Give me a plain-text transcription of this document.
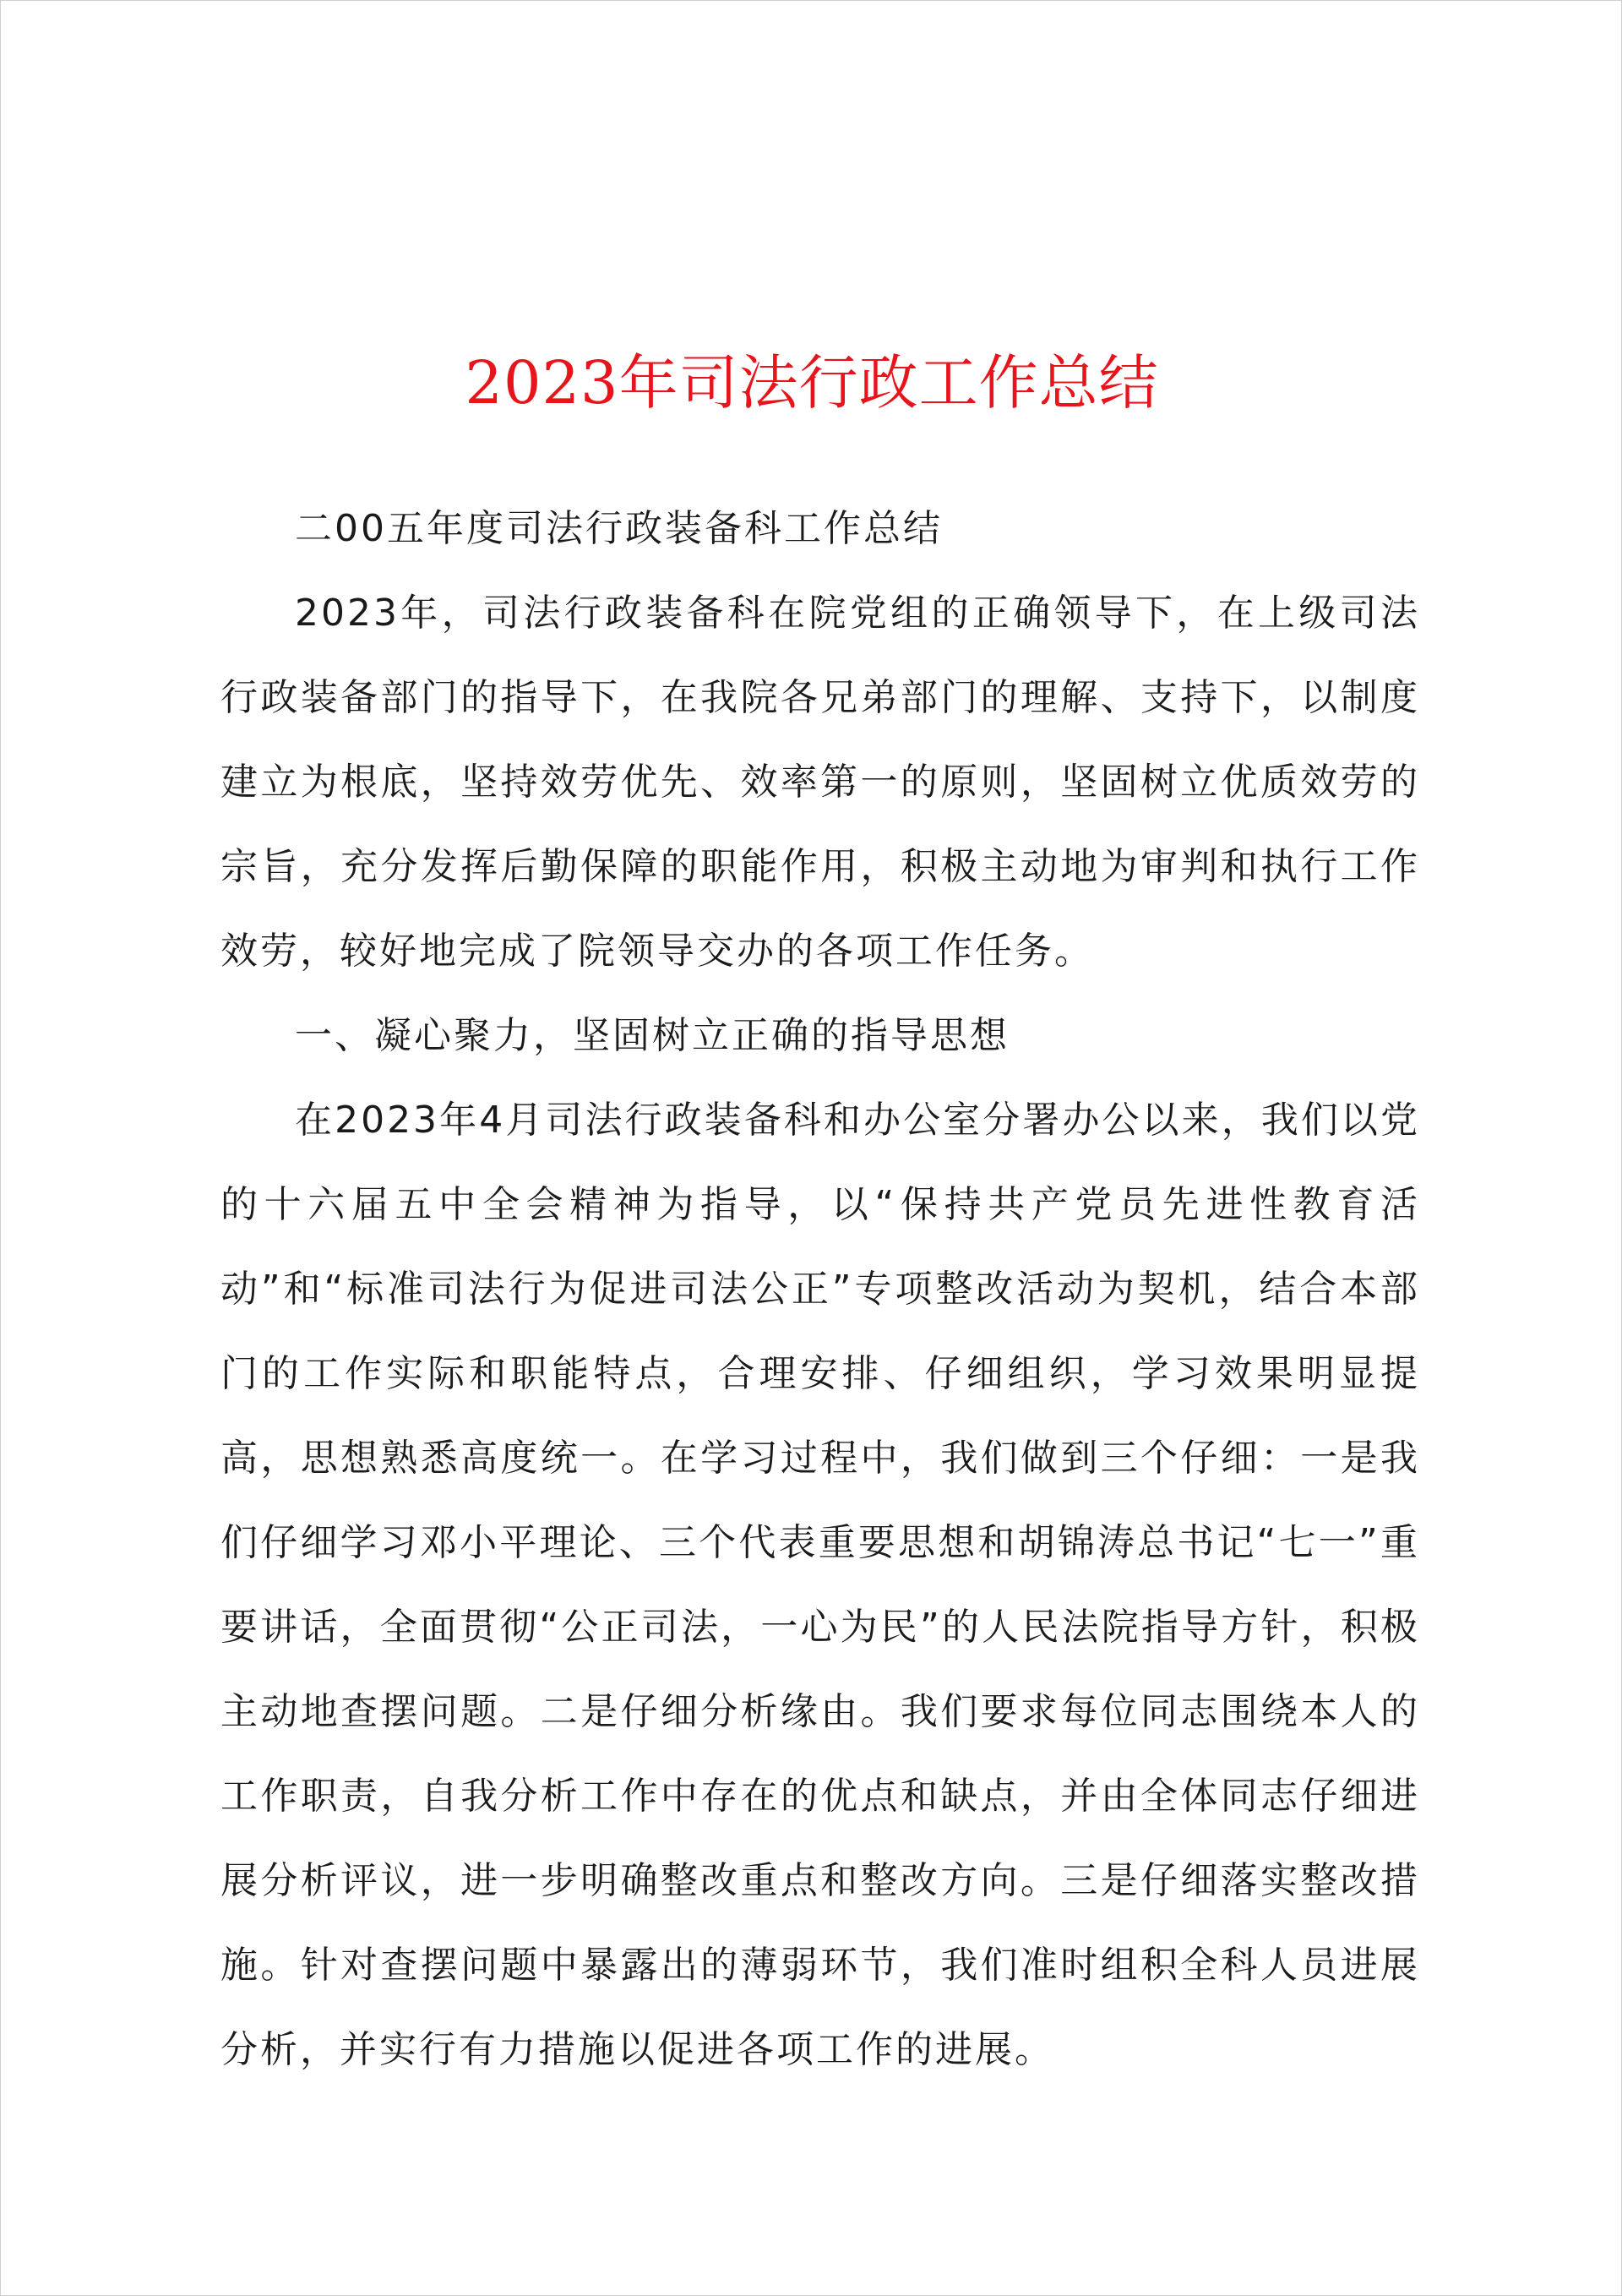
2023年司法行政工作总结

二00五年度司法行政装备科工作总结

2023年，司法行政装备科在院党组的正确领导下，在上级司法行政装备部门的指导下，在我院各兄弟部门的理解、支持下，以制度建立为根底，坚持效劳优先、效率第一的原则，坚固树立优质效劳的宗旨，充分发挥后勤保障的职能作用，积极主动地为审判和执行工作效劳，较好地完成了院领导交办的各项工作任务。

一、凝心聚力，坚固树立正确的指导思想

在2023年4月司法行政装备科和办公室分署办公以来，我们以党的十六届五中全会精神为指导，以“保持共产党员先进性教育活动”和“标准司法行为促进司法公正”专项整改活动为契机，结合本部门的工作实际和职能特点，合理安排、仔细组织，学习效果明显提高，思想熟悉高度统一。在学习过程中，我们做到三个仔细：一是我们仔细学习邓小平理论、三个代表重要思想和胡锦涛总书记“七一”重要讲话，全面贯彻“公正司法，一心为民”的人民法院指导方针，积极主动地查摆问题。二是仔细分析缘由。我们要求每位同志围绕本人的工作职责，自我分析工作中存在的优点和缺点，并由全体同志仔细进展分析评议，进一步明确整改重点和整改方向。三是仔细落实整改措施。针对查摆问题中暴露出的薄弱环节，我们准时组积全科人员进展分析，并实行有力措施以促进各项工作的进展。
